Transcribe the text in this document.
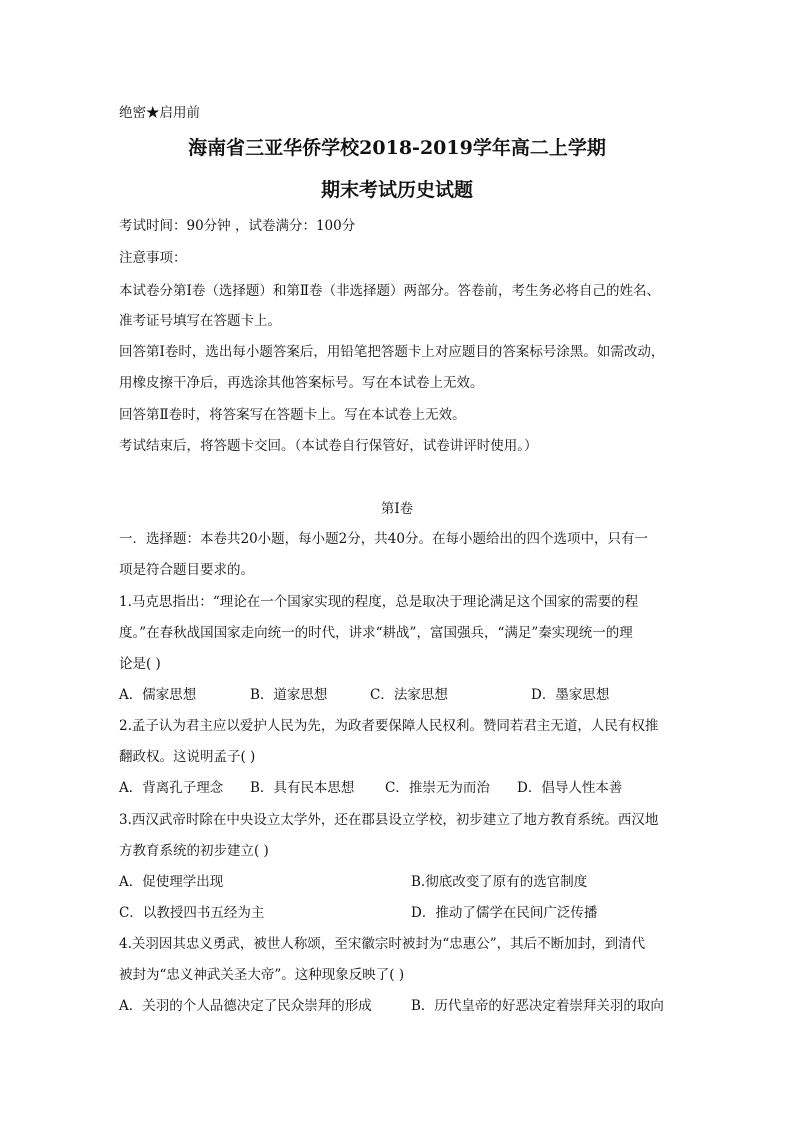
绝密★启用前
海南省三亚华侨学校2018-2019学年高二上学期
期末考试历史试题
考试时间：90分钟 ，试卷满分：100分
注意事项：
本试卷分第Ⅰ卷（选择题）和第Ⅱ卷（非选择题）两部分。答卷前，考生务必将自己的姓名、
准考证号填写在答题卡上。
回答第Ⅰ卷时，选出每小题答案后，用铅笔把答题卡上对应题目的答案标号涂黑。如需改动，
用橡皮擦干净后，再选涂其他答案标号。写在本试卷上无效。
回答第Ⅱ卷时，将答案写在答题卡上。写在本试卷上无效。
考试结束后，将答题卡交回。（本试卷自行保管好，试卷讲评时使用。）
第Ⅰ卷
一．选择题：本卷共20小题，每小题2分，共40分。在每小题给出的四个选项中，只有一
项是符合题目要求的。
1.马克思指出：“理论在一个国家实现的程度，总是取决于理论满足这个国家的需要的程
度。”在春秋战国国家走向统一的时代，讲求“耕战”，富国强兵，“满足”秦实现统一的理
论是( )
A．儒家思想	B．道家思想	C．法家思想	D．墨家思想
2.孟子认为君主应以爱护人民为先，为政者要保障人民权利。赞同若君主无道，人民有权推
翻政权。这说明孟子( )
A．背离孔子理念 B．具有民本思想 C．推崇无为而治 D．倡导人性本善
3.西汉武帝时除在中央设立太学外，还在郡县设立学校，初步建立了地方教育系统。西汉地
方教育系统的初步建立( )
A．促使理学出现	B.彻底改变了原有的选官制度
C．以教授四书五经为主	D．推动了儒学在民间广泛传播
4.关羽因其忠义勇武，被世人称颂，至宋徽宗时被封为“忠惠公”，其后不断加封，到清代
被封为“忠义神武关圣大帝”。这种现象反映了( )
A．关羽的个人品德决定了民众崇拜的形成	B．历代皇帝的好恶决定着崇拜关羽的取向
